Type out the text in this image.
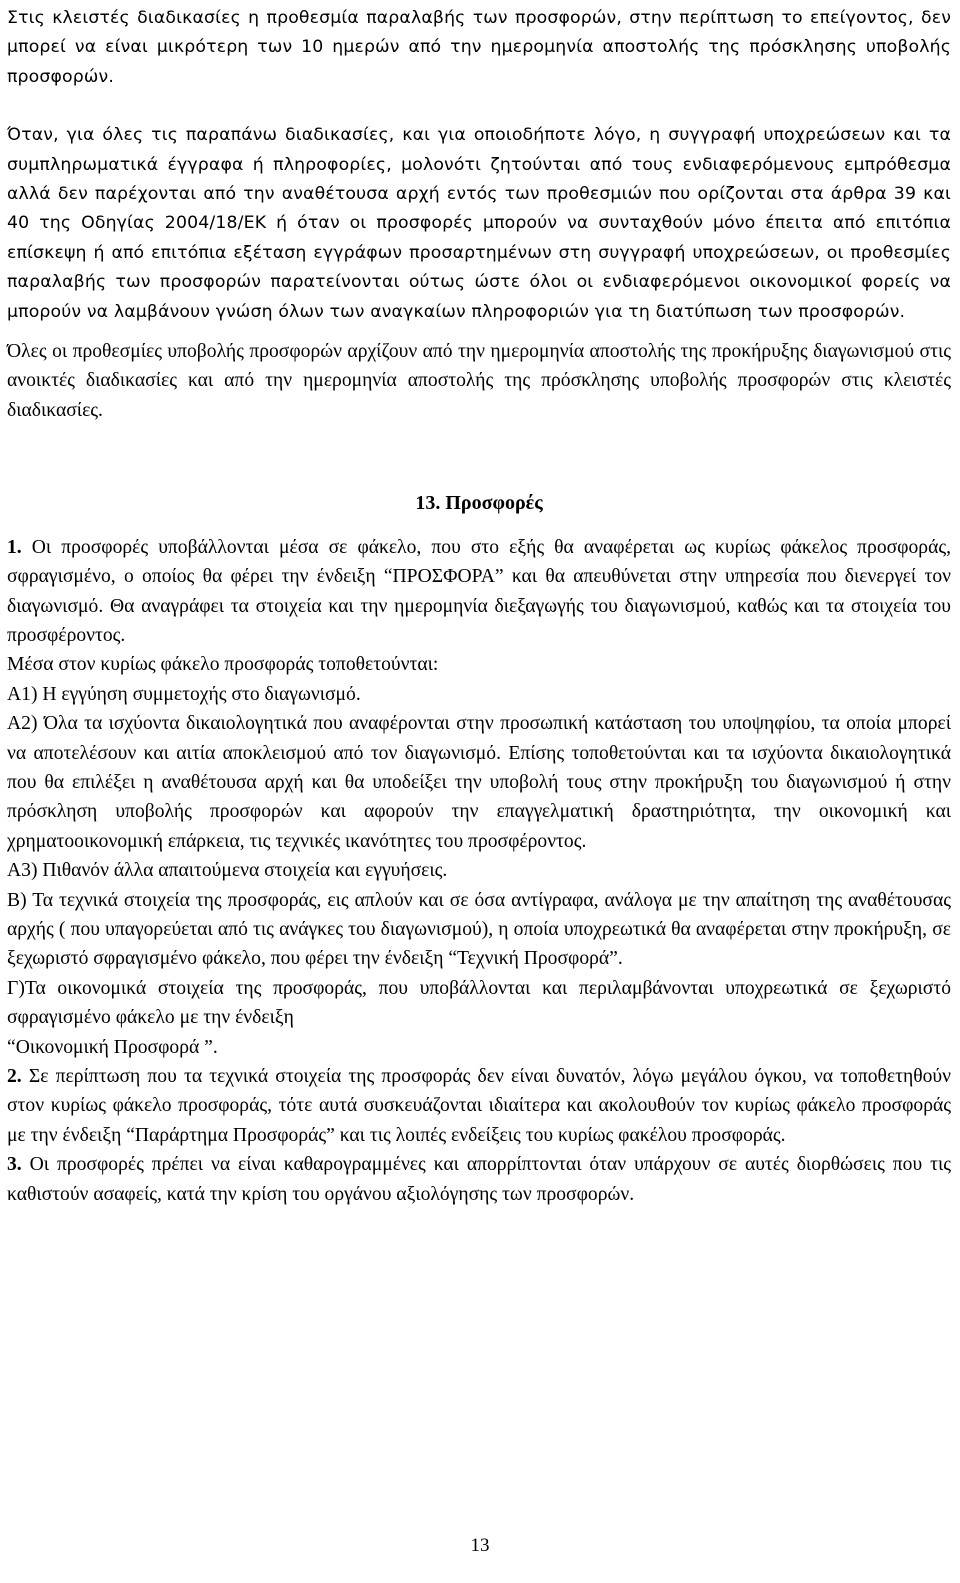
Στις κλειστές διαδικασίες η προθεσμία παραλαβής των προσφορών, στην περίπτωση το επείγοντος, δεν μπορεί να είναι μικρότερη των 10 ημερών από την ημερομηνία αποστολής της πρόσκλησης υποβολής προσφορών.

Όταν, για όλες τις παραπάνω διαδικασίες, και για οποιοδήποτε λόγο, η συγγραφή υποχρεώσεων και τα συμπληρωματικά έγγραφα ή πληροφορίες, μολονότι ζητούνται από τους ενδιαφερόμενους εμπρόθεσμα αλλά δεν παρέχονται από την αναθέτουσα αρχή εντός των προθεσμιών που ορίζονται στα άρθρα 39 και 40 της Οδηγίας 2004/18/ΕΚ ή όταν οι προσφορές μπορούν να συνταχθούν μόνο έπειτα από επιτόπια επίσκεψη ή από επιτόπια εξέταση εγγράφων προσαρτημένων στη συγγραφή υποχρεώσεων, οι προθεσμίες παραλαβής των προσφορών παρατείνονται ούτως ώστε όλοι οι ενδιαφερόμενοι οικονομικοί φορείς να μπορούν να λαμβάνουν γνώση όλων των αναγκαίων πληροφοριών για τη διατύπωση των προσφορών.

Όλες οι προθεσμίες υποβολής προσφορών αρχίζουν από την ημερομηνία αποστολής της προκήρυξης διαγωνισμού στις ανοικτές διαδικασίες και από την ημερομηνία αποστολής της πρόσκλησης υποβολής προσφορών στις κλειστές διαδικασίες.

13. Προσφορές

1. Οι προσφορές υποβάλλονται μέσα σε φάκελο, που στο εξής θα αναφέρεται ως κυρίως φάκελος προσφοράς, σφραγισμένο, ο οποίος θα φέρει την ένδειξη “ΠΡΟΣΦΟΡΑ” και θα απευθύνεται στην υπηρεσία που διενεργεί τον διαγωνισμό. Θα αναγράφει τα στοιχεία και την ημερομηνία διεξαγωγής του διαγωνισμού, καθώς και τα στοιχεία του προσφέροντος.

Μέσα στον κυρίως φάκελο προσφοράς τοποθετούνται:

Α1) Η εγγύηση συμμετοχής στο διαγωνισμό.

Α2) Όλα τα ισχύοντα δικαιολογητικά που αναφέρονται στην προσωπική κατάσταση του υποψηφίου, τα οποία μπορεί να αποτελέσουν και αιτία αποκλεισμού από τον διαγωνισμό. Επίσης τοποθετούνται και τα ισχύοντα δικαιολογητικά που θα επιλέξει η αναθέτουσα αρχή και θα υποδείξει την υποβολή τους στην προκήρυξη του διαγωνισμού ή στην πρόσκληση υποβολής προσφορών και αφορούν την επαγγελματική δραστηριότητα, την οικονομική και χρηματοοικονομική επάρκεια, τις τεχνικές ικανότητες του προσφέροντος.

Α3) Πιθανόν άλλα απαιτούμενα στοιχεία και εγγυήσεις.

Β) Τα τεχνικά στοιχεία της προσφοράς, εις απλούν και σε όσα αντίγραφα, ανάλογα με την απαίτηση της αναθέτουσας αρχής ( που υπαγορεύεται από τις ανάγκες του διαγωνισμού), η οποία υποχρεωτικά θα αναφέρεται στην προκήρυξη, σε ξεχωριστό σφραγισμένο φάκελο, που φέρει την ένδειξη “Τεχνική Προσφορά”.

Γ)Τα οικονομικά στοιχεία της προσφοράς, που υποβάλλονται και περιλαμβάνονται υποχρεωτικά σε ξεχωριστό σφραγισμένο φάκελο με την ένδειξη

“Οικονομική Προσφορά ”.

2. Σε περίπτωση που τα τεχνικά στοιχεία της προσφοράς δεν είναι δυνατόν, λόγω μεγάλου όγκου, να τοποθετηθούν στον κυρίως φάκελο προσφοράς, τότε αυτά συσκευάζονται ιδιαίτερα και ακολουθούν τον κυρίως φάκελο προσφοράς με την ένδειξη “Παράρτημα Προσφοράς” και τις λοιπές ενδείξεις του κυρίως φακέλου προσφοράς.

3. Οι προσφορές πρέπει να είναι καθαρογραμμένες και απορρίπτονται όταν υπάρχουν σε αυτές διορθώσεις που τις καθιστούν ασαφείς, κατά την κρίση του οργάνου αξιολόγησης των προσφορών.

13
